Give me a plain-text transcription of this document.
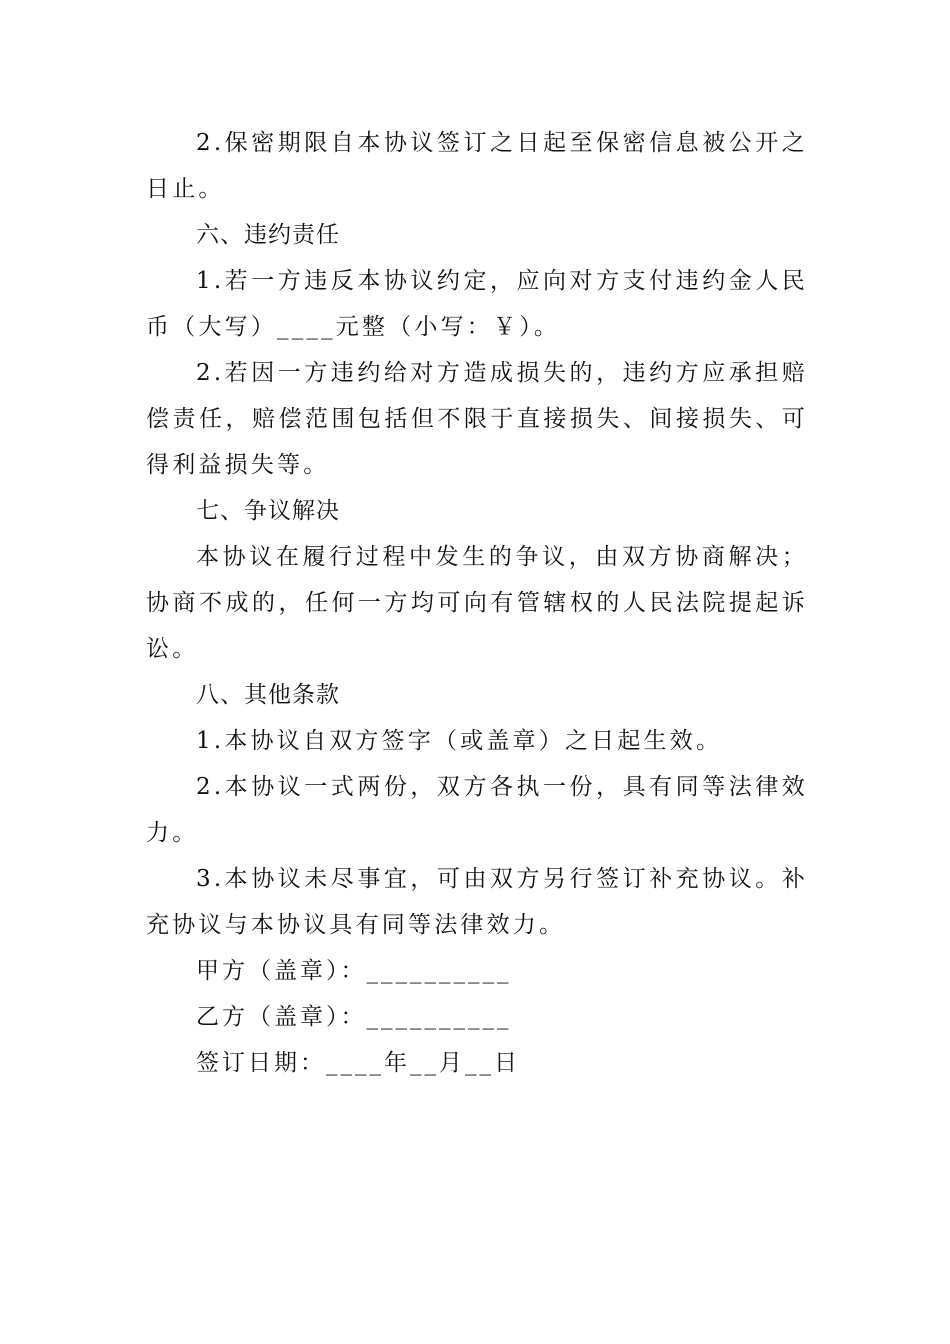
2.保密期限自本协议签订之日起至保密信息被公开之日止。

六、违约责任

1.若一方违反本协议约定，应向对方支付违约金人民币（大写）____元整（小写：￥）。

2.若因一方违约给对方造成损失的，违约方应承担赔偿责任，赔偿范围包括但不限于直接损失、间接损失、可得利益损失等。

七、争议解决

本协议在履行过程中发生的争议，由双方协商解决；协商不成的，任何一方均可向有管辖权的人民法院提起诉讼。

八、其他条款

1.本协议自双方签字（或盖章）之日起生效。

2.本协议一式两份，双方各执一份，具有同等法律效力。

3.本协议未尽事宜，可由双方另行签订补充协议。补充协议与本协议具有同等法律效力。

甲方（盖章）：__________

乙方（盖章）：__________

签订日期：____年__月__日
